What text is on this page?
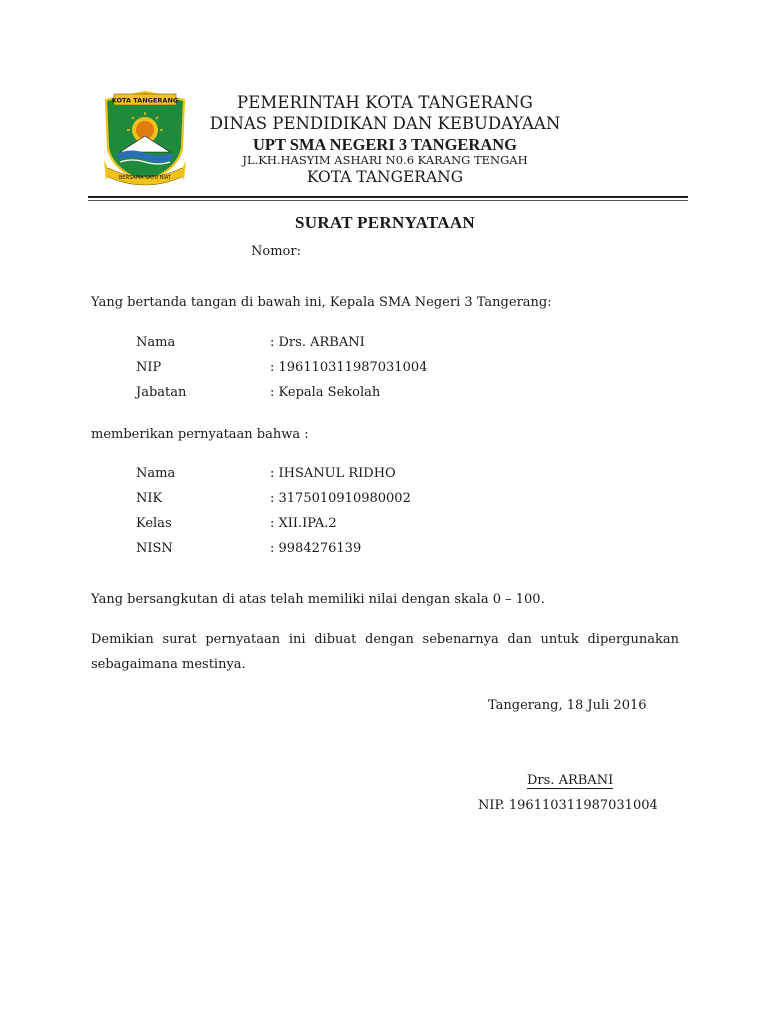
KOTA TANGERANG
BERSAMA SATU NIAT
PEMERINTAH KOTA TANGERANG
DINAS PENDIDIKAN DAN KEBUDAYAAN
UPT SMA NEGERI 3 TANGERANG
JL.KH.HASYIM ASHARI N0.6 KARANG TENGAH
KOTA TANGERANG
SURAT PERNYATAAN
Nomor:
Yang bertanda tangan di bawah ini, Kepala SMA Negeri 3 Tangerang:
Nama	: Drs. ARBANI
NIP	: 196110311987031004
Jabatan	: Kepala Sekolah
memberikan pernyataan bahwa :
Nama	: IHSANUL RIDHO
NIK	: 3175010910980002
Kelas	: XII.IPA.2
NISN	: 9984276139
Yang bersangkutan di atas telah memiliki nilai dengan skala 0 – 100.
Demikian surat pernyataan ini dibuat dengan sebenarnya dan untuk dipergunakan
sebagaimana mestinya.
Tangerang, 18 Juli 2016
Drs. ARBANI
NIP. 196110311987031004
